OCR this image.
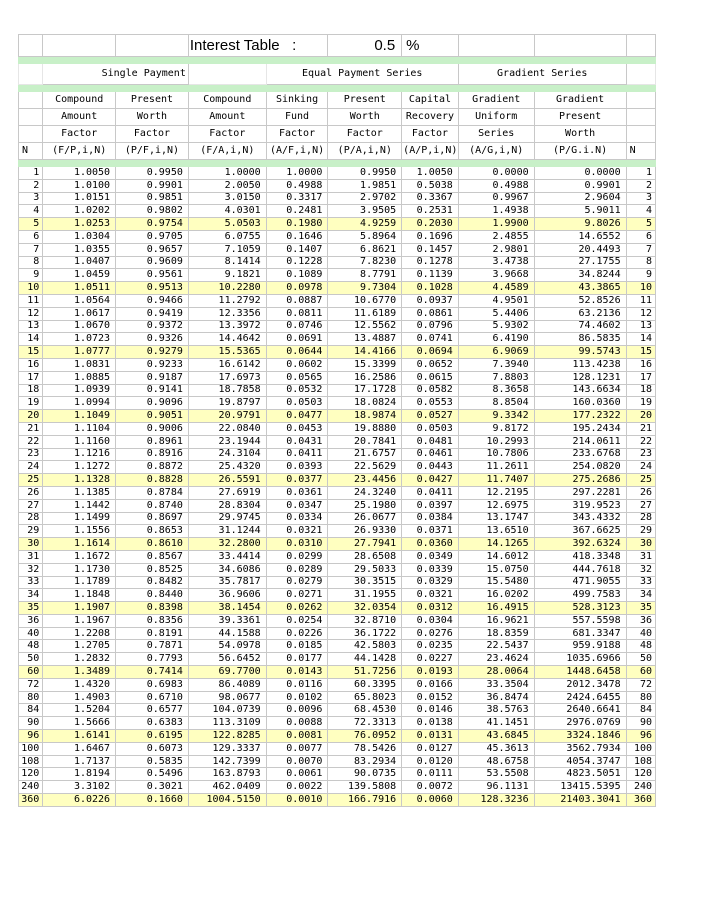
			Interest Table :		0.5	%			

	Single Payment			Equal Payment Series			Gradient Series		

	Compound	Present	Compound	Sinking	Present	Capital	Gradient	Gradient	
	Amount	Worth	Amount	Fund	Worth	Recovery	Uniform	Present	
	Factor	Factor	Factor	Factor	Factor	Factor	Series	Worth	
N	(F/P,i,N)	(P/F,i,N)	(F/A,i,N)	(A/F,i,N)	(P/A,i,N)	(A/P,i,N)	(A/G,i,N)	(P/G.i.N)	N

1	1.0050	0.9950	1.0000	1.0000	0.9950	1.0050	0.0000	0.0000	1
2	1.0100	0.9901	2.0050	0.4988	1.9851	0.5038	0.4988	0.9901	2
3	1.0151	0.9851	3.0150	0.3317	2.9702	0.3367	0.9967	2.9604	3
4	1.0202	0.9802	4.0301	0.2481	3.9505	0.2531	1.4938	5.9011	4
5	1.0253	0.9754	5.0503	0.1980	4.9259	0.2030	1.9900	9.8026	5
6	1.0304	0.9705	6.0755	0.1646	5.8964	0.1696	2.4855	14.6552	6
7	1.0355	0.9657	7.1059	0.1407	6.8621	0.1457	2.9801	20.4493	7
8	1.0407	0.9609	8.1414	0.1228	7.8230	0.1278	3.4738	27.1755	8
9	1.0459	0.9561	9.1821	0.1089	8.7791	0.1139	3.9668	34.8244	9
10	1.0511	0.9513	10.2280	0.0978	9.7304	0.1028	4.4589	43.3865	10
11	1.0564	0.9466	11.2792	0.0887	10.6770	0.0937	4.9501	52.8526	11
12	1.0617	0.9419	12.3356	0.0811	11.6189	0.0861	5.4406	63.2136	12
13	1.0670	0.9372	13.3972	0.0746	12.5562	0.0796	5.9302	74.4602	13
14	1.0723	0.9326	14.4642	0.0691	13.4887	0.0741	6.4190	86.5835	14
15	1.0777	0.9279	15.5365	0.0644	14.4166	0.0694	6.9069	99.5743	15
16	1.0831	0.9233	16.6142	0.0602	15.3399	0.0652	7.3940	113.4238	16
17	1.0885	0.9187	17.6973	0.0565	16.2586	0.0615	7.8803	128.1231	17
18	1.0939	0.9141	18.7858	0.0532	17.1728	0.0582	8.3658	143.6634	18
19	1.0994	0.9096	19.8797	0.0503	18.0824	0.0553	8.8504	160.0360	19
20	1.1049	0.9051	20.9791	0.0477	18.9874	0.0527	9.3342	177.2322	20
21	1.1104	0.9006	22.0840	0.0453	19.8880	0.0503	9.8172	195.2434	21
22	1.1160	0.8961	23.1944	0.0431	20.7841	0.0481	10.2993	214.0611	22
23	1.1216	0.8916	24.3104	0.0411	21.6757	0.0461	10.7806	233.6768	23
24	1.1272	0.8872	25.4320	0.0393	22.5629	0.0443	11.2611	254.0820	24
25	1.1328	0.8828	26.5591	0.0377	23.4456	0.0427	11.7407	275.2686	25
26	1.1385	0.8784	27.6919	0.0361	24.3240	0.0411	12.2195	297.2281	26
27	1.1442	0.8740	28.8304	0.0347	25.1980	0.0397	12.6975	319.9523	27
28	1.1499	0.8697	29.9745	0.0334	26.0677	0.0384	13.1747	343.4332	28
29	1.1556	0.8653	31.1244	0.0321	26.9330	0.0371	13.6510	367.6625	29
30	1.1614	0.8610	32.2800	0.0310	27.7941	0.0360	14.1265	392.6324	30
31	1.1672	0.8567	33.4414	0.0299	28.6508	0.0349	14.6012	418.3348	31
32	1.1730	0.8525	34.6086	0.0289	29.5033	0.0339	15.0750	444.7618	32
33	1.1789	0.8482	35.7817	0.0279	30.3515	0.0329	15.5480	471.9055	33
34	1.1848	0.8440	36.9606	0.0271	31.1955	0.0321	16.0202	499.7583	34
35	1.1907	0.8398	38.1454	0.0262	32.0354	0.0312	16.4915	528.3123	35
36	1.1967	0.8356	39.3361	0.0254	32.8710	0.0304	16.9621	557.5598	36
40	1.2208	0.8191	44.1588	0.0226	36.1722	0.0276	18.8359	681.3347	40
48	1.2705	0.7871	54.0978	0.0185	42.5803	0.0235	22.5437	959.9188	48
50	1.2832	0.7793	56.6452	0.0177	44.1428	0.0227	23.4624	1035.6966	50
60	1.3489	0.7414	69.7700	0.0143	51.7256	0.0193	28.0064	1448.6458	60
72	1.4320	0.6983	86.4089	0.0116	60.3395	0.0166	33.3504	2012.3478	72
80	1.4903	0.6710	98.0677	0.0102	65.8023	0.0152	36.8474	2424.6455	80
84	1.5204	0.6577	104.0739	0.0096	68.4530	0.0146	38.5763	2640.6641	84
90	1.5666	0.6383	113.3109	0.0088	72.3313	0.0138	41.1451	2976.0769	90
96	1.6141	0.6195	122.8285	0.0081	76.0952	0.0131	43.6845	3324.1846	96
100	1.6467	0.6073	129.3337	0.0077	78.5426	0.0127	45.3613	3562.7934	100
108	1.7137	0.5835	142.7399	0.0070	83.2934	0.0120	48.6758	4054.3747	108
120	1.8194	0.5496	163.8793	0.0061	90.0735	0.0111	53.5508	4823.5051	120
240	3.3102	0.3021	462.0409	0.0022	139.5808	0.0072	96.1131	13415.5395	240
360	6.0226	0.1660	1004.5150	0.0010	166.7916	0.0060	128.3236	21403.3041	360
